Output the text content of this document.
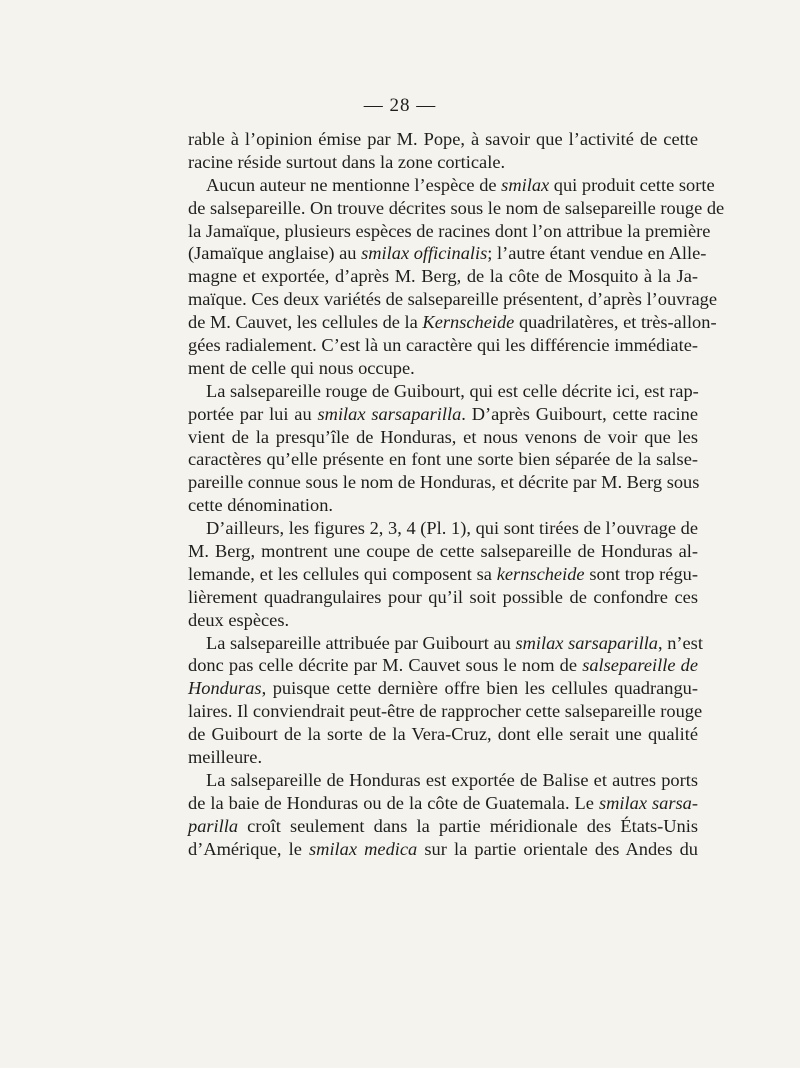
— 28 —
rable à l’opinion émise par M. Pope, à savoir que l’activité de cette
racine réside surtout dans la zone corticale.
Aucun auteur ne mentionne l’espèce de smilax qui produit cette sorte
de salsepareille. On trouve décrites sous le nom de salsepareille rouge de
la Jamaïque, plusieurs espèces de racines dont l’on attribue la première
(Jamaïque anglaise) au smilax officinalis; l’autre étant vendue en Alle-
magne et exportée, d’après M. Berg, de la côte de Mosquito à la Ja-
maïque. Ces deux variétés de salsepareille présentent, d’après l’ouvrage
de M. Cauvet, les cellules de la Kernscheide quadrilatères, et très-allon-
gées radialement. C’est là un caractère qui les différencie immédiate-
ment de celle qui nous occupe.
La salsepareille rouge de Guibourt, qui est celle décrite ici, est rap-
portée par lui au smilax sarsaparilla. D’après Guibourt, cette racine
vient de la presqu’île de Honduras, et nous venons de voir que les
caractères qu’elle présente en font une sorte bien séparée de la salse-
pareille connue sous le nom de Honduras, et décrite par M. Berg sous
cette dénomination.
D’ailleurs, les figures 2, 3, 4 (Pl. 1), qui sont tirées de l’ouvrage de
M. Berg, montrent une coupe de cette salsepareille de Honduras al-
lemande, et les cellules qui composent sa kernscheide sont trop régu-
lièrement quadrangulaires pour qu’il soit possible de confondre ces
deux espèces.
La salsepareille attribuée par Guibourt au smilax sarsaparilla, n’est
donc pas celle décrite par M. Cauvet sous le nom de salsepareille de
Honduras, puisque cette dernière offre bien les cellules quadrangu-
laires. Il conviendrait peut-être de rapprocher cette salsepareille rouge
de Guibourt de la sorte de la Vera-Cruz, dont elle serait une qualité
meilleure.
La salsepareille de Honduras est exportée de Balise et autres ports
de la baie de Honduras ou de la côte de Guatemala. Le smilax sarsa-
parilla croît seulement dans la partie méridionale des États-Unis
d’Amérique, le smilax medica sur la partie orientale des Andes du
